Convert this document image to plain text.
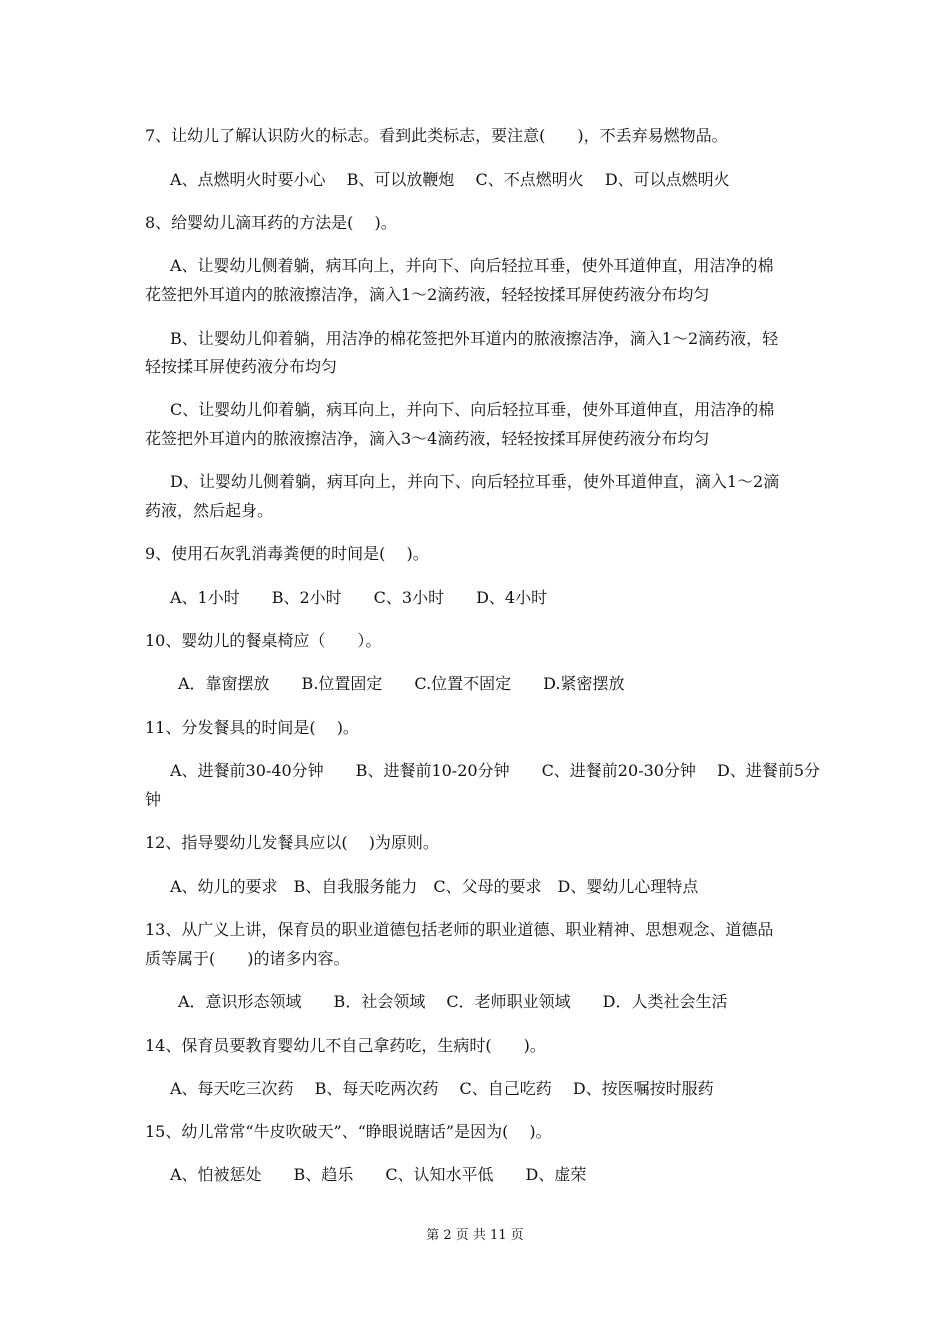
7、让幼儿了解认识防火的标志。看到此类标志，要注意(　　)，不丢弃易燃物品。
A、点燃明火时要小心　 B、可以放鞭炮　 C、不点燃明火　 D、可以点燃明火
8、给婴幼儿滴耳药的方法是(　 )。
A、让婴幼儿侧着躺，病耳向上，并向下、向后轻拉耳垂，使外耳道伸直，用洁净的棉
花签把外耳道内的脓液擦洁净，滴入1～2滴药液，轻轻按揉耳屏使药液分布均匀
B、让婴幼儿仰着躺，用洁净的棉花签把外耳道内的脓液擦洁净，滴入1～2滴药液，轻
轻按揉耳屏使药液分布均匀
C、让婴幼儿仰着躺，病耳向上，并向下、向后轻拉耳垂，使外耳道伸直，用洁净的棉
花签把外耳道内的脓液擦洁净，滴入3～4滴药液，轻轻按揉耳屏使药液分布均匀
D、让婴幼儿侧着躺，病耳向上，并向下、向后轻拉耳垂，使外耳道伸直，滴入1～2滴
药液，然后起身。
9、使用石灰乳消毒粪便的时间是(　 )。
A、1小时　　B、2小时　　C、3小时　　D、4小时
10、婴幼儿的餐桌椅应（　　）。
A．靠窗摆放　　B.位置固定　　C.位置不固定　　D.紧密摆放
11、分发餐具的时间是(　 )。
A、进餐前30-40分钟　　B、进餐前10-20分钟　　C、进餐前20-30分钟　 D、进餐前5分
钟
12、指导婴幼儿发餐具应以(　 )为原则。
A、幼儿的要求　B、自我服务能力　C、父母的要求　D、婴幼儿心理特点
13、从广义上讲，保育员的职业道德包括老师的职业道德、职业精神、思想观念、道德品
质等属于(　　)的诸多内容。
A．意识形态领域　　B．社会领域　 C．老师职业领域　　D．人类社会生活
14、保育员要教育婴幼儿不自己拿药吃，生病时(　　)。
A、每天吃三次药　 B、每天吃两次药　 C、自己吃药　 D、按医嘱按时服药
15、幼儿常常“牛皮吹破天”、“睁眼说瞎话”是因为(　 )。
A、怕被惩处　　B、趋乐　　C、认知水平低　　D、虚荣
第 2 页 共 11 页
